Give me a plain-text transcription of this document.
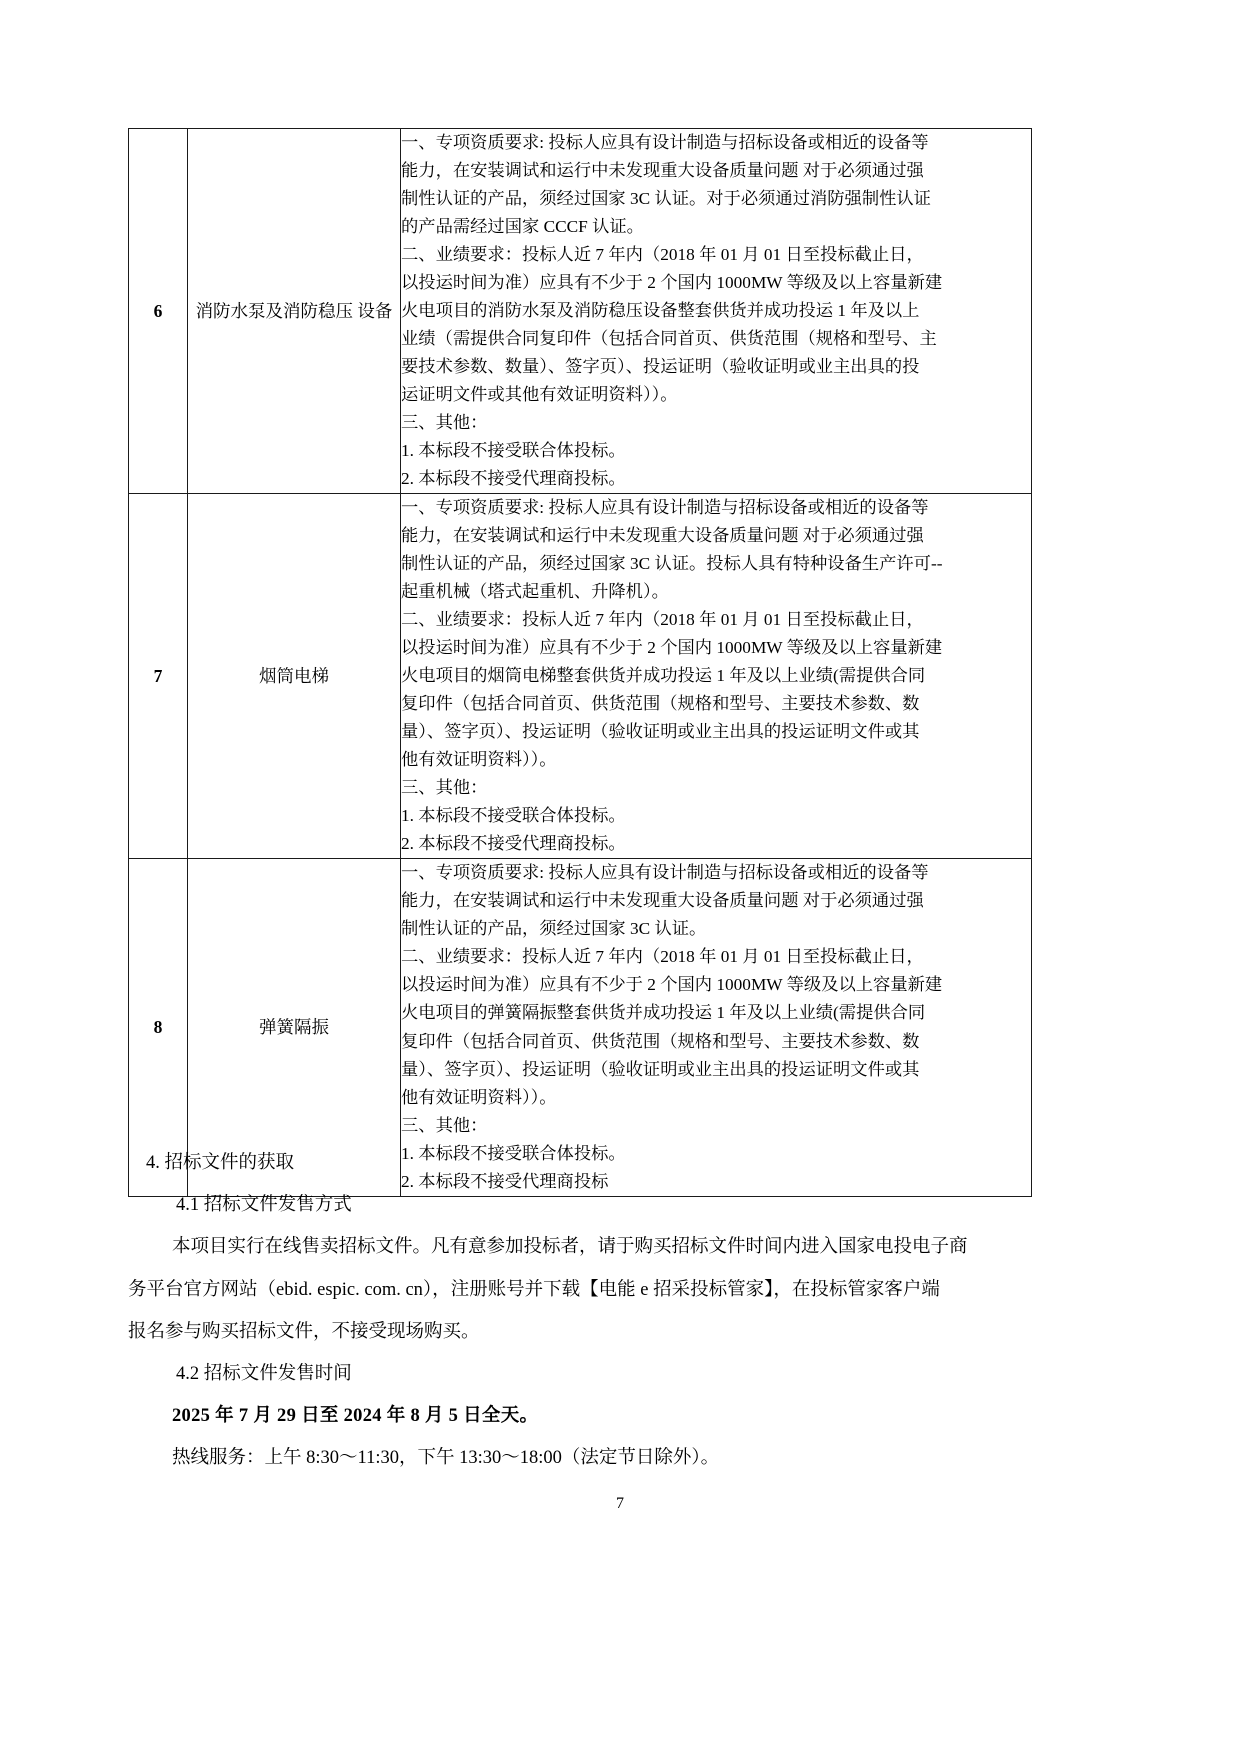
6	消防水泵及消防稳压 设备	
一、专项资质要求: 投标人应具有设计制造与招标设备或相近的设备等
能力，在安装调试和运行中未发现重大设备质量问题 对于必须通过强
制性认证的产品，须经过国家 3C 认证。对于必须通过消防强制性认证
的产品需经过国家 CCCF 认证。
二、业绩要求：投标人近 7 年内（2018 年 01 月 01 日至投标截止日，
以投运时间为准）应具有不少于 2 个国内 1000MW 等级及以上容量新建
火电项目的消防水泵及消防稳压设备整套供货并成功投运 1 年及以上
业绩（需提供合同复印件（包括合同首页、供货范围（规格和型号、主
要技术参数、数量）、签字页）、投运证明（验收证明或业主出具的投
运证明文件或其他有效证明资料））。
三、其他：
1. 本标段不接受联合体投标。
2. 本标段不接受代理商投标。

7	烟筒电梯	
一、专项资质要求: 投标人应具有设计制造与招标设备或相近的设备等
能力，在安装调试和运行中未发现重大设备质量问题 对于必须通过强
制性认证的产品，须经过国家 3C 认证。投标人具有特种设备生产许可--
起重机械（塔式起重机、升降机）。
二、业绩要求：投标人近 7 年内（2018 年 01 月 01 日至投标截止日，
以投运时间为准）应具有不少于 2 个国内 1000MW 等级及以上容量新建
火电项目的烟筒电梯整套供货并成功投运 1 年及以上业绩(需提供合同
复印件（包括合同首页、供货范围（规格和型号、主要技术参数、数
量）、签字页）、投运证明（验收证明或业主出具的投运证明文件或其
他有效证明资料））。
三、其他：
1. 本标段不接受联合体投标。
2. 本标段不接受代理商投标。

8	弹簧隔振	
一、专项资质要求: 投标人应具有设计制造与招标设备或相近的设备等
能力，在安装调试和运行中未发现重大设备质量问题 对于必须通过强
制性认证的产品，须经过国家 3C 认证。
二、业绩要求：投标人近 7 年内（2018 年 01 月 01 日至投标截止日，
以投运时间为准）应具有不少于 2 个国内 1000MW 等级及以上容量新建
火电项目的弹簧隔振整套供货并成功投运 1 年及以上业绩(需提供合同
复印件（包括合同首页、供货范围（规格和型号、主要技术参数、数
量）、签字页）、投运证明（验收证明或业主出具的投运证明文件或其
他有效证明资料））。
三、其他：
1. 本标段不接受联合体投标。
2. 本标段不接受代理商投标

4. 招标文件的获取

4.1 招标文件发售方式

本项目实行在线售卖招标文件。凡有意参加投标者，请于购买招标文件时间内进入国家电投电子商

务平台官方网站（ebid. espic. com. cn），注册账号并下载【电能 e 招采投标管家】，在投标管家客户端

报名参与购买招标文件，不接受现场购买。

4.2 招标文件发售时间

2025 年 7 月 29 日至 2024 年 8 月 5 日全天。

热线服务：上午 8:30～11:30，下午 13:30～18:00（法定节日除外）。

7
